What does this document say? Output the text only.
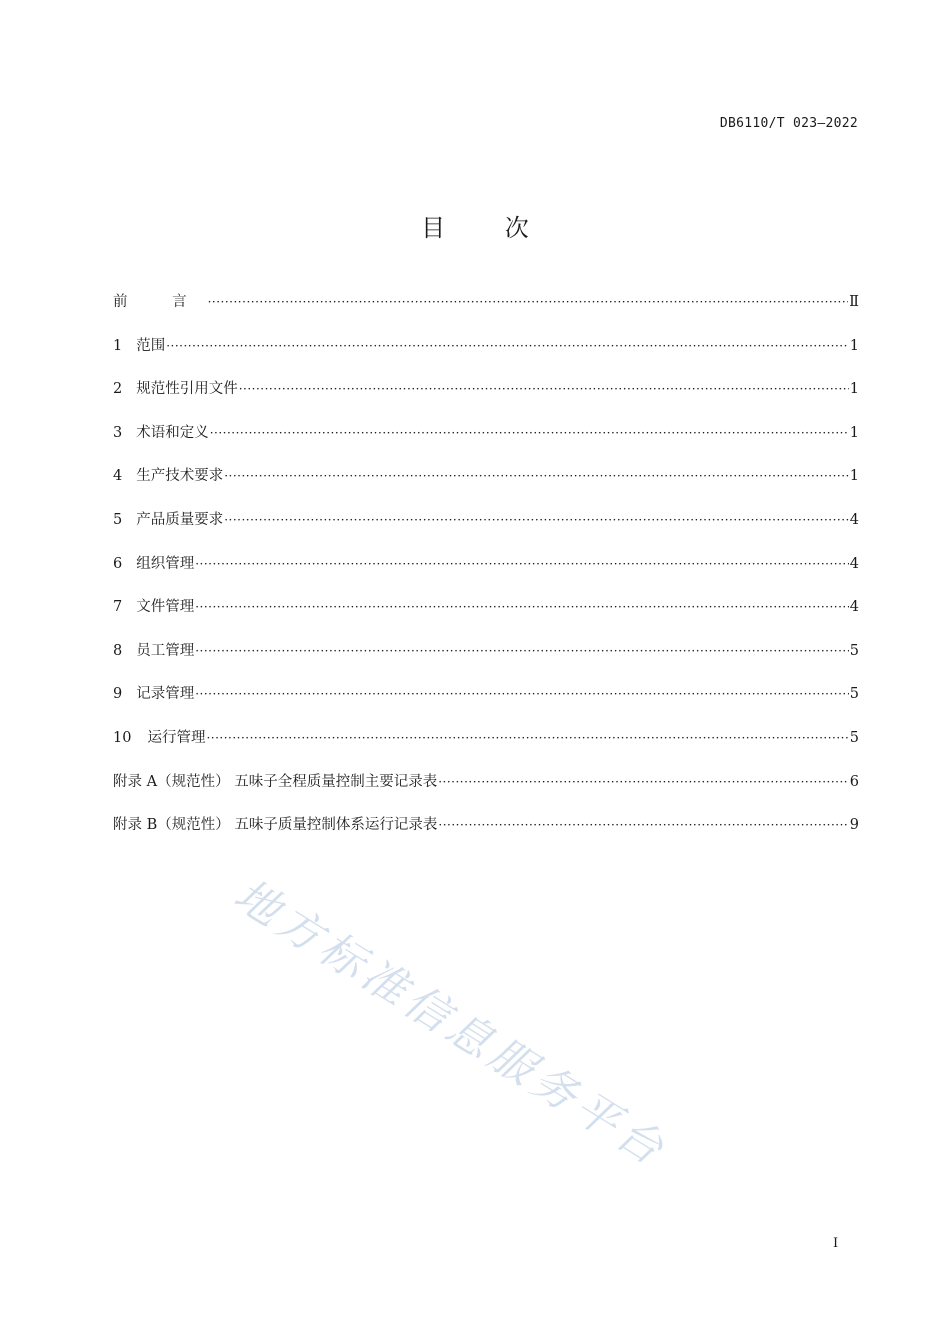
DB6110/T 023—2022
目 次
前 言 ·····	Ⅱ
1 范围 ·····	1
2 规范性引用文件 ·····	1
3 术语和定义 ·····	1
4 生产技术要求 ·····	1
5 产品质量要求 ·····	4
6 组织管理 ·····	4
7 文件管理 ·····	4
8 员工管理 ·····	5
9 记录管理 ·····	5
10 运行管理 ·····	5
附录 A（规范性） 五味子全程质量控制主要记录表 ·····	6
附录 B（规范性） 五味子质量控制体系运行记录表 ·····	9
地方标准信息服务平台
I
